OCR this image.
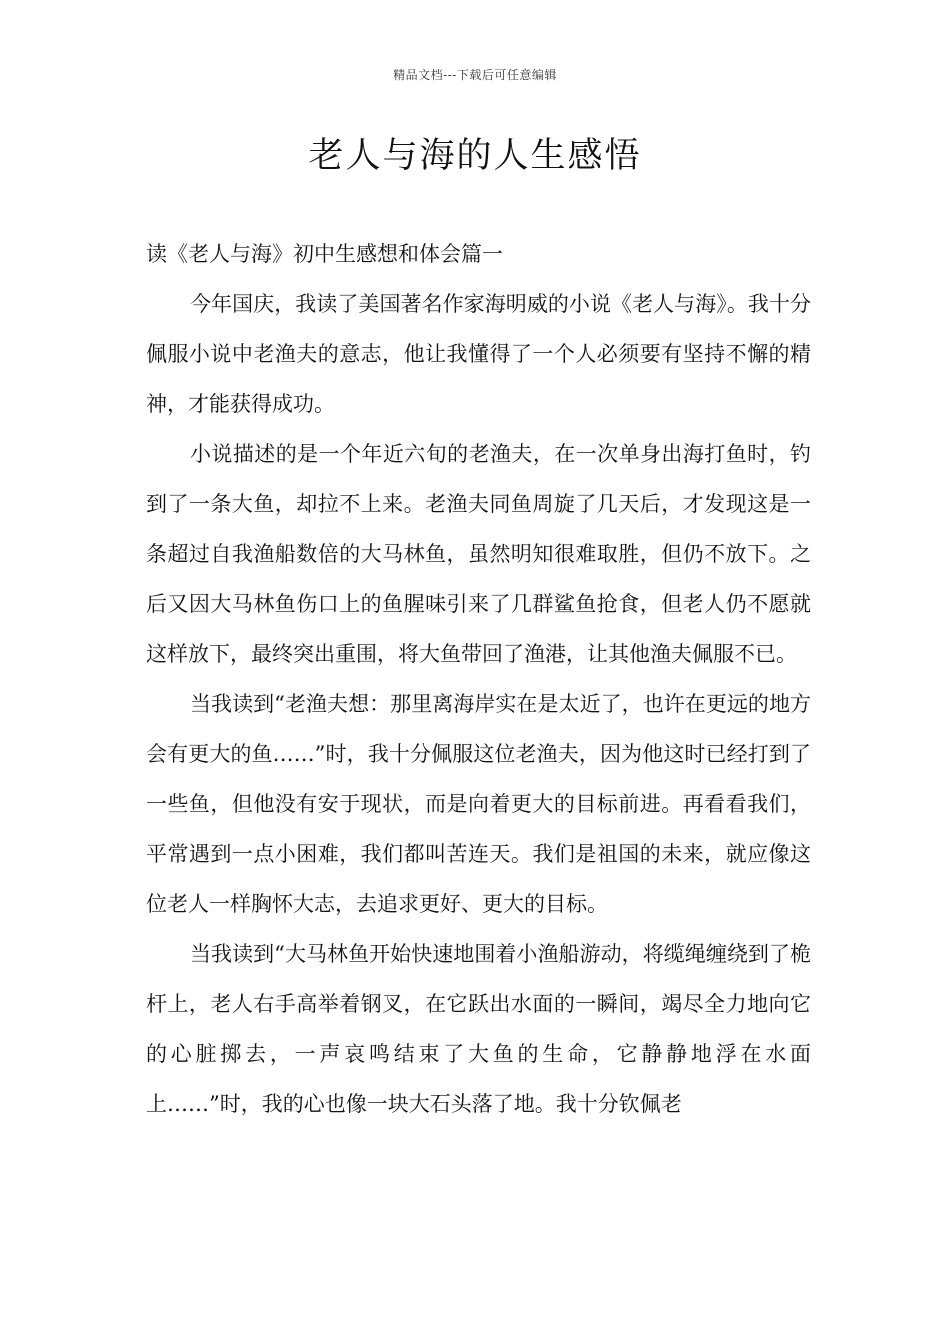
精品文档---下载后可任意编辑
老人与海的人生感悟

读《老人与海》初中生感想和体会篇一

今年国庆，我读了美国著名作家海明威的小说《老人与海》。我十分佩服小说中老渔夫的意志，他让我懂得了一个人必须要有坚持不懈的精神，才能获得成功。

小说描述的是一个年近六旬的老渔夫，在一次单身出海打鱼时，钓到了一条大鱼，却拉不上来。老渔夫同鱼周旋了几天后，才发现这是一条超过自我渔船数倍的大马林鱼，虽然明知很难取胜，但仍不放下。之后又因大马林鱼伤口上的鱼腥味引来了几群鲨鱼抢食，但老人仍不愿就这样放下，最终突出重围，将大鱼带回了渔港，让其他渔夫佩服不已。

当我读到“老渔夫想：那里离海岸实在是太近了，也许在更远的地方会有更大的鱼……”时，我十分佩服这位老渔夫，因为他这时已经打到了一些鱼，但他没有安于现状，而是向着更大的目标前进。再看看我们，平常遇到一点小困难，我们都叫苦连天。我们是祖国的未来，就应像这位老人一样胸怀大志，去追求更好、更大的目标。

当我读到“大马林鱼开始快速地围着小渔船游动，将缆绳缠绕到了桅杆上，老人右手高举着钢叉，在它跃出水面的一瞬间，竭尽全力地向它的心脏掷去，一声哀鸣结束了大鱼的生命，它静静地浮在水面上……”时，我的心也像一块大石头落了地。我十分钦佩老
